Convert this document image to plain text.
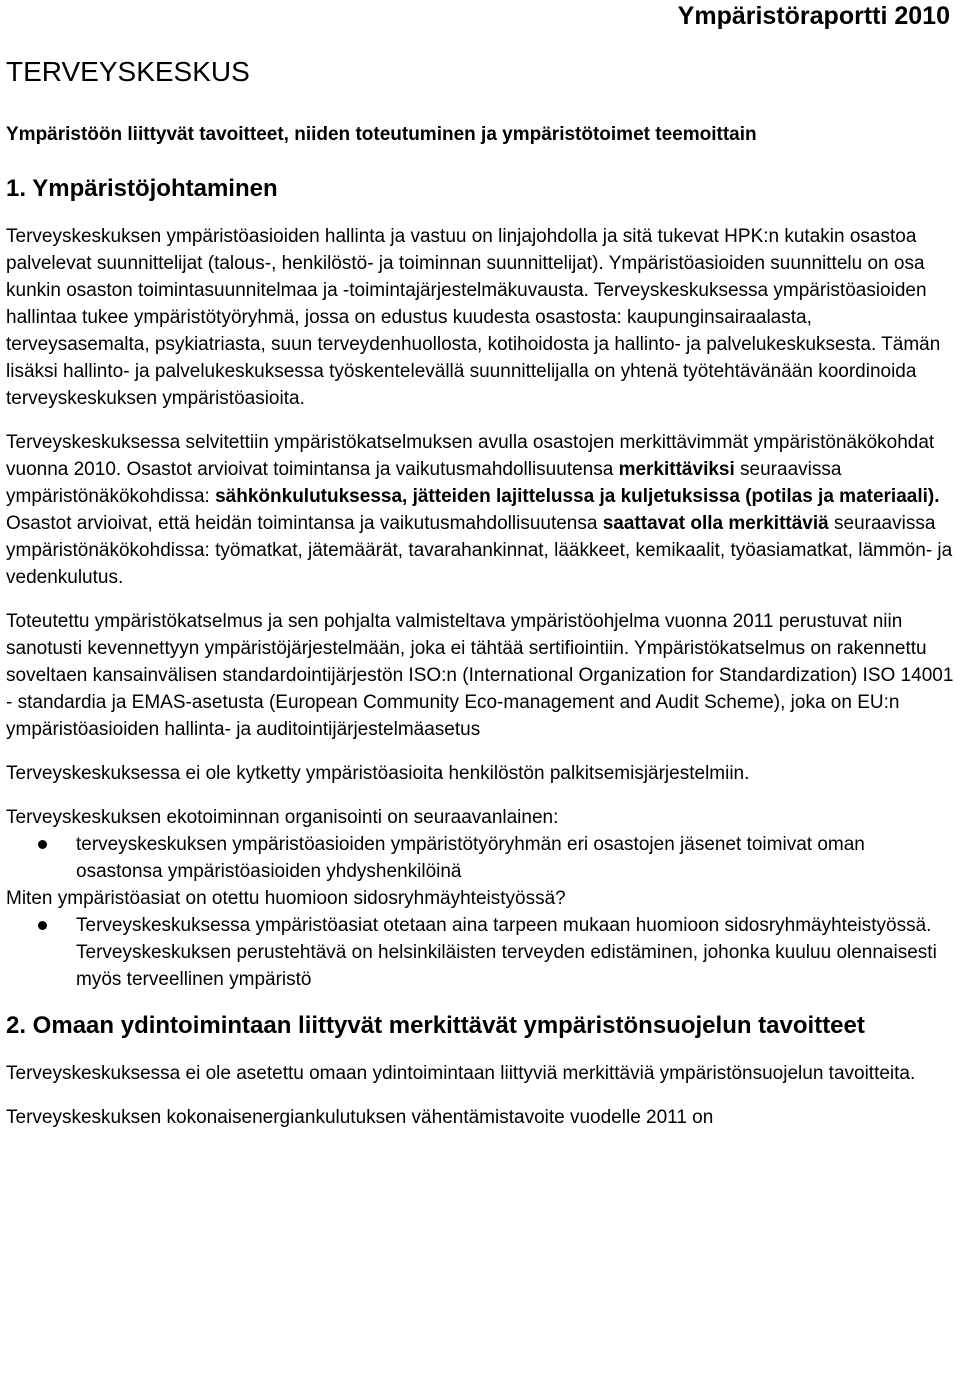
Ympäristöraportti 2010
TERVEYSKESKUS
Ympäristöön liittyvät tavoitteet, niiden toteutuminen ja ympäristötoimet teemoittain
1. Ympäristöjohtaminen

Terveyskeskuksen ympäristöasioiden hallinta ja vastuu on linjajohdolla ja sitä tukevat HPK:n kutakin osastoa palvelevat suunnittelijat (talous-, henkilöstö- ja toiminnan suunnittelijat). Ympäristöasioiden suunnittelu on osa kunkin osaston toimintasuunnitelmaa ja -toimintajärjestelmäkuvausta. Terveyskeskuksessa ympäristöasioiden hallintaa tukee ympäristötyöryhmä, jossa on edustus kuudesta osastosta: kaupunginsairaalasta, terveysasemalta, psykiatriasta, suun terveydenhuollosta, kotihoidosta ja hallinto- ja palvelukeskuksesta. Tämän lisäksi hallinto- ja palvelukeskuksessa työskentelevällä suunnittelijalla on yhtenä työtehtävänään koordinoida terveyskeskuksen ympäristöasioita.

Terveyskeskuksessa selvitettiin ympäristökatselmuksen avulla osastojen merkittävimmät ympäristönäkökohdat vuonna 2010. Osastot arvioivat toimintansa ja vaikutusmahdollisuutensa merkittäviksi seuraavissa ympäristönäkökohdissa: sähkönkulutuksessa, jätteiden lajittelussa ja kuljetuksissa (potilas ja materiaali). Osastot arvioivat, että heidän toimintansa ja vaikutusmahdollisuutensa saattavat olla merkittäviä seuraavissa ympäristönäkökohdissa: työmatkat, jätemäärät, tavarahankinnat, lääkkeet, kemikaalit, työasiamatkat, lämmön- ja vedenkulutus.

Toteutettu ympäristökatselmus ja sen pohjalta valmisteltava ympäristöohjelma vuonna 2011 perustuvat niin sanotusti kevennettyyn ympäristöjärjestelmään, joka ei tähtää sertifiointiin. Ympäristökatselmus on rakennettu soveltaen kansainvälisen standardointijärjestön ISO:n (International Organization for Standardization) ISO 14001 - standardia ja EMAS-asetusta (European Community Eco-management and Audit Scheme), joka on EU:n ympäristöasioiden hallinta- ja auditointijärjestelmäasetus

Terveyskeskuksessa ei ole kytketty ympäristöasioita henkilöstön palkitsemisjärjestelmiin.

Terveyskeskuksen ekotoiminnan organisointi on seuraavanlainen:

terveyskeskuksen ympäristöasioiden ympäristötyöryhmän eri osastojen jäsenet toimivat oman osastonsa ympäristöasioiden yhdyshenkilöinä

Miten ympäristöasiat on otettu huomioon sidosryhmäyhteistyössä?

Terveyskeskuksessa ympäristöasiat otetaan aina tarpeen mukaan huomioon sidosryhmäyhteistyössä. Terveyskeskuksen perustehtävä on helsinkiläisten terveyden edistäminen, johonka kuuluu olennaisesti myös terveellinen ympäristö
2. Omaan ydintoimintaan liittyvät merkittävät ympäristönsuojelun tavoitteet

Terveyskeskuksessa ei ole asetettu omaan ydintoimintaan liittyviä merkittäviä ympäristönsuojelun tavoitteita.

Terveyskeskuksen kokonaisenergiankulutuksen vähentämistavoite vuodelle 2011 on
